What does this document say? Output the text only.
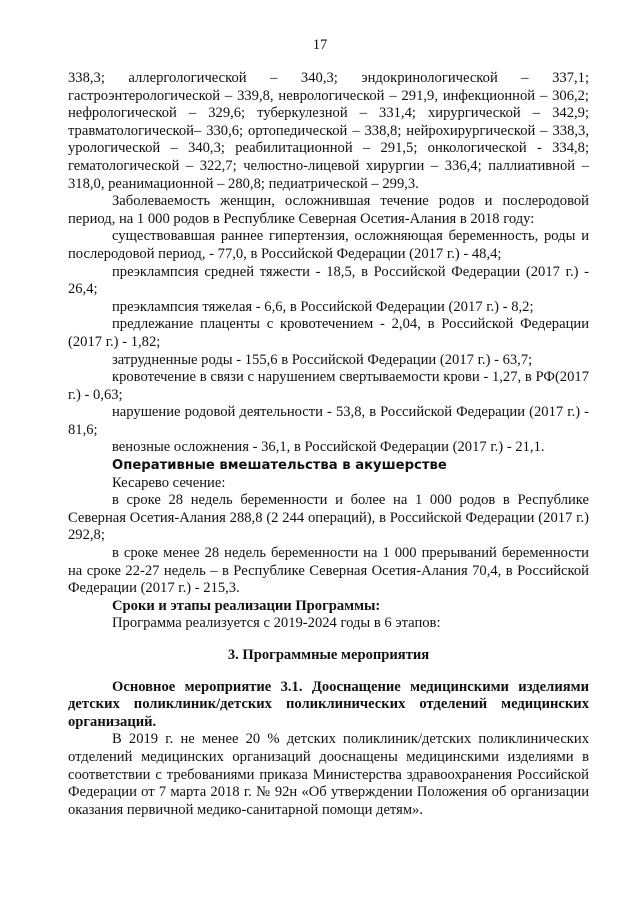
17

338,3; аллергологической – 340,3; эндокринологической – 337,1; гастроэнтерологической – 339,8, неврологической – 291,9, инфекционной – 306,2; нефрологической – 329,6; туберкулезной – 331,4; хирургической – 342,9; травматологической– 330,6; ортопедической – 338,8; нейрохирургической – 338,3, урологической – 340,3; реабилитационной – 291,5; онкологической - 334,8; гематологической – 322,7; челюстно-лицевой хирургии – 336,4; паллиативной – 318,0, реанимационной – 280,8; педиатрической – 299,3.

Заболеваемость женщин, осложнившая течение родов и послеродовой период, на 1 000 родов в Республике Северная Осетия-Алания в 2018 году:

существовавшая раннее гипертензия, осложняющая беременность, роды и послеродовой период, - 77,0, в Российской Федерации (2017 г.) - 48,4;

преэклампсия средней тяжести - 18,5, в Российской Федерации (2017 г.) - 26,4;

преэклампсия тяжелая - 6,6, в Российской Федерации (2017 г.) - 8,2;

предлежание плаценты с кровотечением - 2,04, в Российской Федерации (2017 г.) - 1,82;

затрудненные роды - 155,6 в Российской Федерации (2017 г.) - 63,7;

кровотечение в связи с нарушением свертываемости крови - 1,27, в РФ(2017 г.) - 0,63;

нарушение родовой деятельности - 53,8, в Российской Федерации (2017 г.) - 81,6;

венозные осложнения - 36,1, в Российской Федерации (2017 г.) - 21,1.

Оперативные вмешательства в акушерстве

Кесарево сечение:

в сроке 28 недель беременности и более на 1 000 родов в Республике Северная Осетия-Алания 288,8 (2 244 операций), в Российской Федерации (2017 г.) 292,8;

в сроке менее 28 недель беременности на 1 000 прерываний беременности на сроке 22-27 недель – в Республике Северная Осетия-Алания 70,4, в Российской Федерации (2017 г.) - 215,3.

Сроки и этапы реализации Программы:

Программа реализуется с 2019-2024 годы в 6 этапов:

3. Программные мероприятия

Основное мероприятие 3.1. Дооснащение медицинскими изделиями детских поликлиник/детских поликлинических отделений медицинских организаций.

В 2019 г. не менее 20 % детских поликлиник/детских поликлинических отделений медицинских организаций дооснащены медицинскими изделиями в соответствии с требованиями приказа Министерства здравоохранения Российской Федерации от 7 марта 2018 г. № 92н «Об утверждении Положения об организации оказания первичной медико-санитарной помощи детям».
